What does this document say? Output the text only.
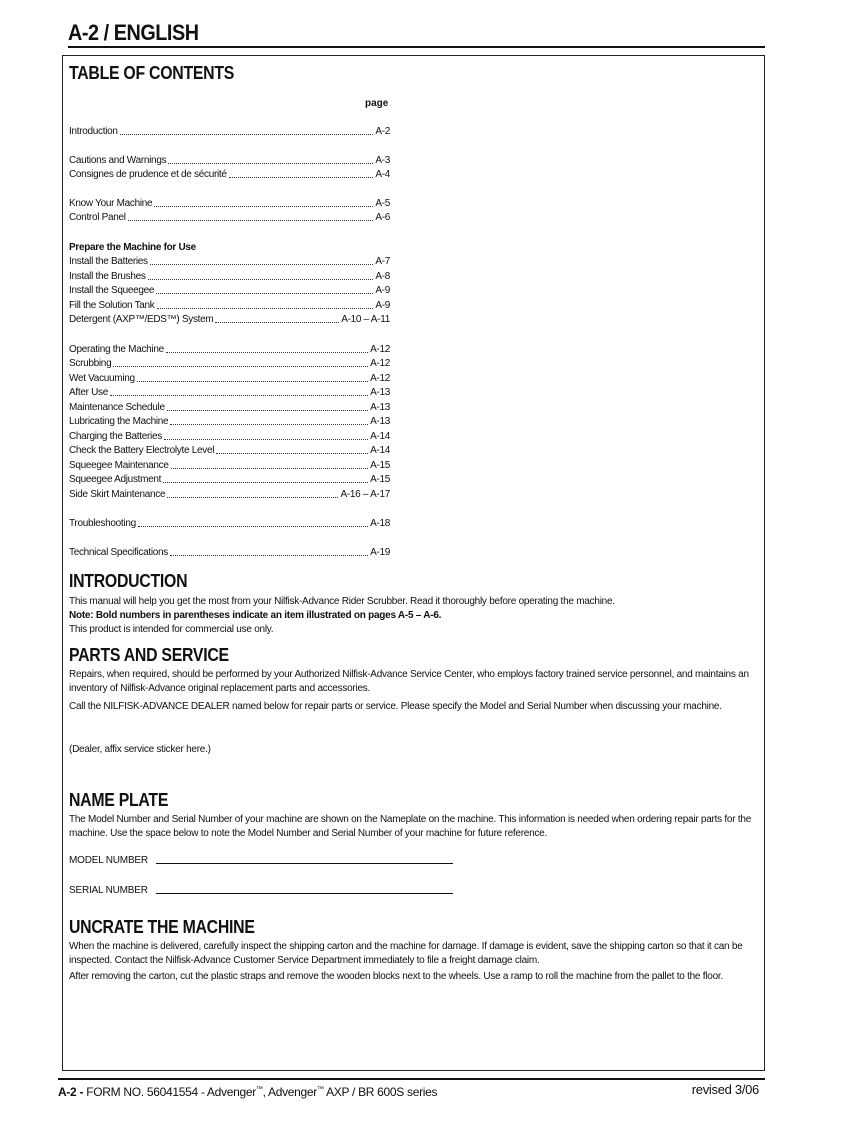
A-2 / ENGLISH
TABLE OF CONTENTS
page
Introduction	A-2
Cautions and Warnings	A-3
Consignes de prudence et de sécurité	A-4
Know Your Machine	A-5
Control Panel	A-6
Prepare the Machine for Use
Install the Batteries	A-7
Install the Brushes	A-8
Install the Squeegee	A-9
Fill the Solution Tank	A-9
Detergent (AXP™/EDS™) System	A-10 – A-11
Operating the Machine	A-12
Scrubbing	A-12
Wet Vacuuming	A-12
After Use	A-13
Maintenance Schedule	A-13
Lubricating the Machine	A-13
Charging the Batteries	A-14
Check the Battery Electrolyte Level	A-14
Squeegee Maintenance	A-15
Squeegee Adjustment	A-15
Side Skirt Maintenance	A-16 – A-17
Troubleshooting	A-18
Technical Specifications	A-19
INTRODUCTION

This manual will help you get the most from your Nilfisk-Advance Rider Scrubber. Read it thoroughly before operating the machine.

Note: Bold numbers in parentheses indicate an item illustrated on pages A-5 – A-6.

This product is intended for commercial use only.

PARTS AND SERVICE
Repairs, when required, should be performed by your Authorized Nilfisk-Advance Service Center, who employs factory trained service personnel, and maintains an inventory of Nilfisk-Advance original replacement parts and accessories.
Call the NILFISK-ADVANCE DEALER named below for repair parts or service. Please specify the Model and Serial Number when discussing your machine.
(Dealer, affix service sticker here.)
NAME PLATE
The Model Number and Serial Number of your machine are shown on the Nameplate on the machine. This information is needed when ordering repair parts for the machine. Use the space below to note the Model Number and Serial Number of your machine for future reference.
MODEL NUMBER
SERIAL NUMBER
UNCRATE THE MACHINE
When the machine is delivered, carefully inspect the shipping carton and the machine for damage. If damage is evident, save the shipping carton so that it can be inspected. Contact the Nilfisk-Advance Customer Service Department immediately to file a freight damage claim.
After removing the carton, cut the plastic straps and remove the wooden blocks next to the wheels. Use a ramp to roll the machine from the pallet to the floor.
A-2 - FORM NO. 56041554 - Advenger™, Advenger™ AXP / BR 600S series	revised 3/06
